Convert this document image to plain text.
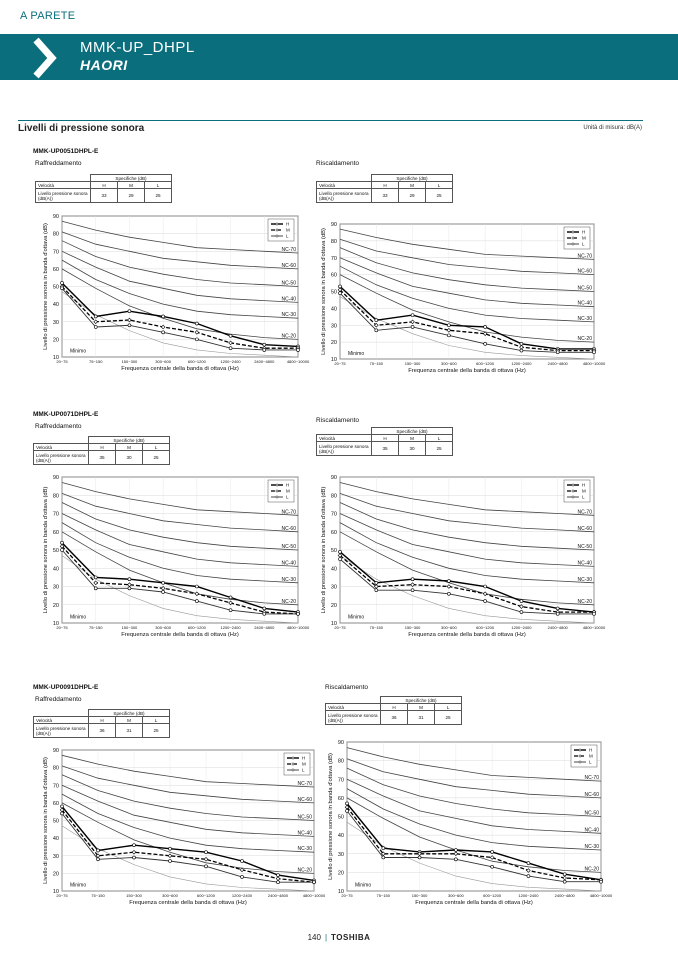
A PARETE
MMK-UP_DHPL
HAORI
Livelli di pressione sonora	Unità di misura: dB(A)
MMK-UP0051DHPL-E
Raffreddamento	Riscaldamento
	Specifiche (dB)		
Velocità	H	M	L
Livello pressione sonora (dB(A))	33	29	25
	Specifiche (dB)		
Velocità	H	M	L
Livello pressione sonora (dB(A))	33	29	25
10
20
30
40
50
60
70
80
90
20~75	75~150	150~300	300~600	600~1200	1200~2400	2400~4800	4800~10000
NC-70
NC-60
NC-50
NC-40
NC-30
NC-20
Minimo
H
M
L
Frequenza centrale della banda di ottava (Hz)
Livello di pressione sonora in banda d'ottava (dB)
10
20
30
40
50
60
70
80
90
20~75	75~150	150~300	300~600	600~1200	1200~2400	2400~4800	4800~10000
NC-70
NC-60
NC-50
NC-40
NC-30
NC-20
Minimo
H
M
L
Frequenza centrale della banda di ottava (Hz)
Livello di pressione sonora in banda d'ottava (dB)
MMK-UP0071DHPL-E
Raffreddamento
Riscaldamento
	Specifiche (dB)		
Velocità	H	M	L
Livello pressione sonora (dB(A))	35	30	25
	Specifiche (dB)		
Velocità	H	M	L
Livello pressione sonora (dB(A))	35	30	25
10
20
30
40
50
60
70
80
90
20~75	75~150	150~300	300~600	600~1200	1200~2400	2400~4800	4800~10000
NC-70
NC-60
NC-50
NC-40
NC-30
NC-20
Minimo
H
M
L
Frequenza centrale della banda di ottava (Hz)
Livello di pressione sonora in banda d'ottava (dB)
10
20
30
40
50
60
70
80
90
20~75	75~150	150~300	300~600	600~1200	1200~2400	2400~4800	4800~10000
NC-70
NC-60
NC-50
NC-40
NC-30
NC-20
Minimo
H
M
L
Frequenza centrale della banda di ottava (Hz)
Livello di pressione sonora in banda d'ottava (dB)
MMK-UP0091DHPL-E
Raffreddamento
Riscaldamento
	Specifiche (dB)		
Velocità	H	M	L
Livello pressione sonora (dB(A))	36	31	25
	Specifiche (dB)		
Velocità	H	M	L
Livello pressione sonora (dB(A))	36	31	25
10
20
30
40
50
60
70
80
90
20~75	75~150	150~300	300~600	600~1200	1200~2400	2400~4800	4800~10000
NC-70
NC-60
NC-50
NC-40
NC-30
NC-20
Minimo
H
M
L
Frequenza centrale della banda di ottava (Hz)
Livello di pressione sonora in banda d'ottava (dB)
10
20
30
40
50
60
70
80
90
20~75	75~150	150~300	300~600	600~1200	1200~2400	2400~4800	4800~10000
NC-70
NC-60
NC-50
NC-40
NC-30
NC-20
Minimo
H
M
L
Frequenza centrale della banda di ottava (Hz)
Livello di pressione sonora in banda d'ottava (dB)
140 | TOSHIBA
